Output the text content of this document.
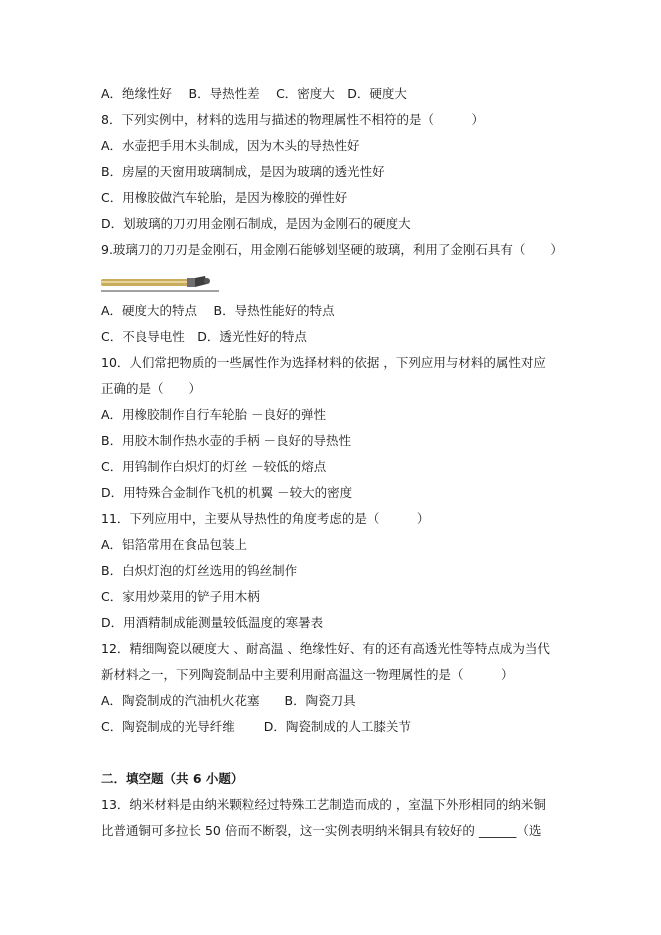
A．绝缘性好　 B．导热性差　 C．密度大　D．硬度大
8．下列实例中，材料的选用与描述的物理属性不相符的是（　　　）
A．水壶把手用木头制成，因为木头的导热性好
B．房屋的天窗用玻璃制成，是因为玻璃的透光性好
C．用橡胶做汽车轮胎，是因为橡胶的弹性好
D．划玻璃的刀刃用金刚石制成，是因为金刚石的硬度大
9.玻璃刀的刀刃是金刚石，用金刚石能够划坚硬的玻璃，利用了金刚石具有（　　）
A．硬度大的特点　 B．导热性能好的特点
C．不良导电性　D．透光性好的特点
10．人们常把物质的一些属性作为选择材料的依据 ，下列应用与材料的属性对应
正确的是（　　）
A．用橡胶制作自行车轮胎 －良好的弹性
B．用胶木制作热水壶的手柄 －良好的导热性
C．用钨制作白炽灯的灯丝 －较低的熔点
D．用特殊合金制作飞机的机翼 －较大的密度
11．下列应用中，主要从导热性的角度考虑的是（　　　）
A．铝箔常用在食品包装上
B．白炽灯泡的灯丝选用的钨丝制作
C．家用炒菜用的铲子用木柄
D．用酒精制成能测量较低温度的寒暑表
12．精细陶瓷以硬度大 、耐高温 、绝缘性好、有的还有高透光性等特点成为当代
新材料之一，下列陶瓷制品中主要利用耐高温这一物理属性的是（　　　）
A．陶瓷制成的汽油机火花塞　　B．陶瓷刀具
C．陶瓷制成的光导纤维　　 D．陶瓷制成的人工膝关节
二．填空题（共 6 小题）
13．纳米材料是由纳米颗粒经过特殊工艺制造而成的 ，室温下外形相同的纳米铜
比普通铜可多拉长 50 倍而不断裂，这一实例表明纳米铜具有较好的 ______（选
